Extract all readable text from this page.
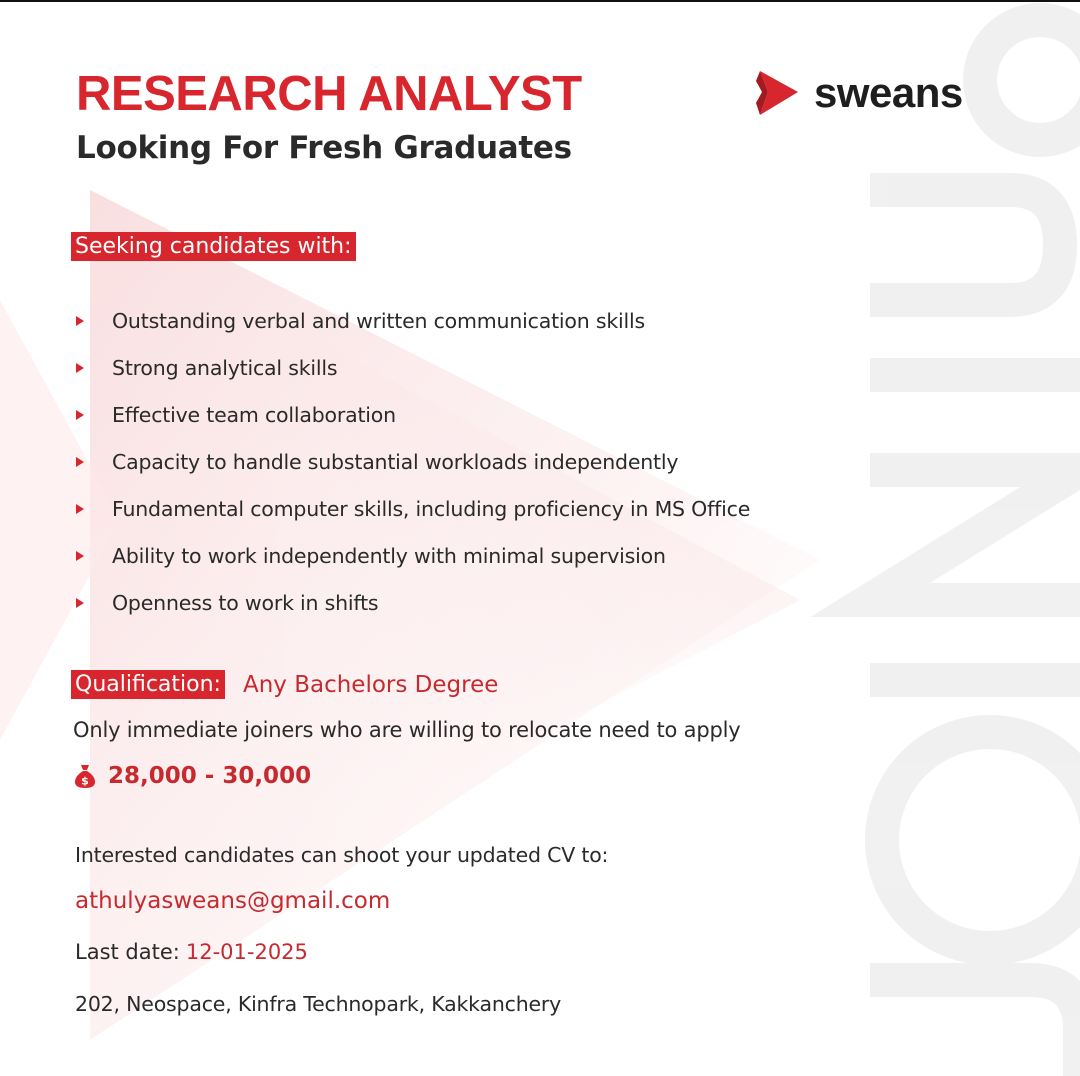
RESEARCH ANALYST
Looking For Fresh Graduates
sweans
Seeking candidates with:
Outstanding verbal and written communication skills
Strong analytical skills
Effective team collaboration
Capacity to handle substantial workloads independently
Fundamental computer skills, including proficiency in MS Office
Ability to work independently with minimal supervision
Openness to work in shifts
Qualification: Any Bachelors Degree
Only immediate joiners who are willing to relocate need to apply
$ 28,000 - 30,000
Interested candidates can shoot your updated CV to:
athulyasweans@gmail.com
Last date: 12-01-2025
202, Neospace, Kinfra Technopark, Kakkanchery
